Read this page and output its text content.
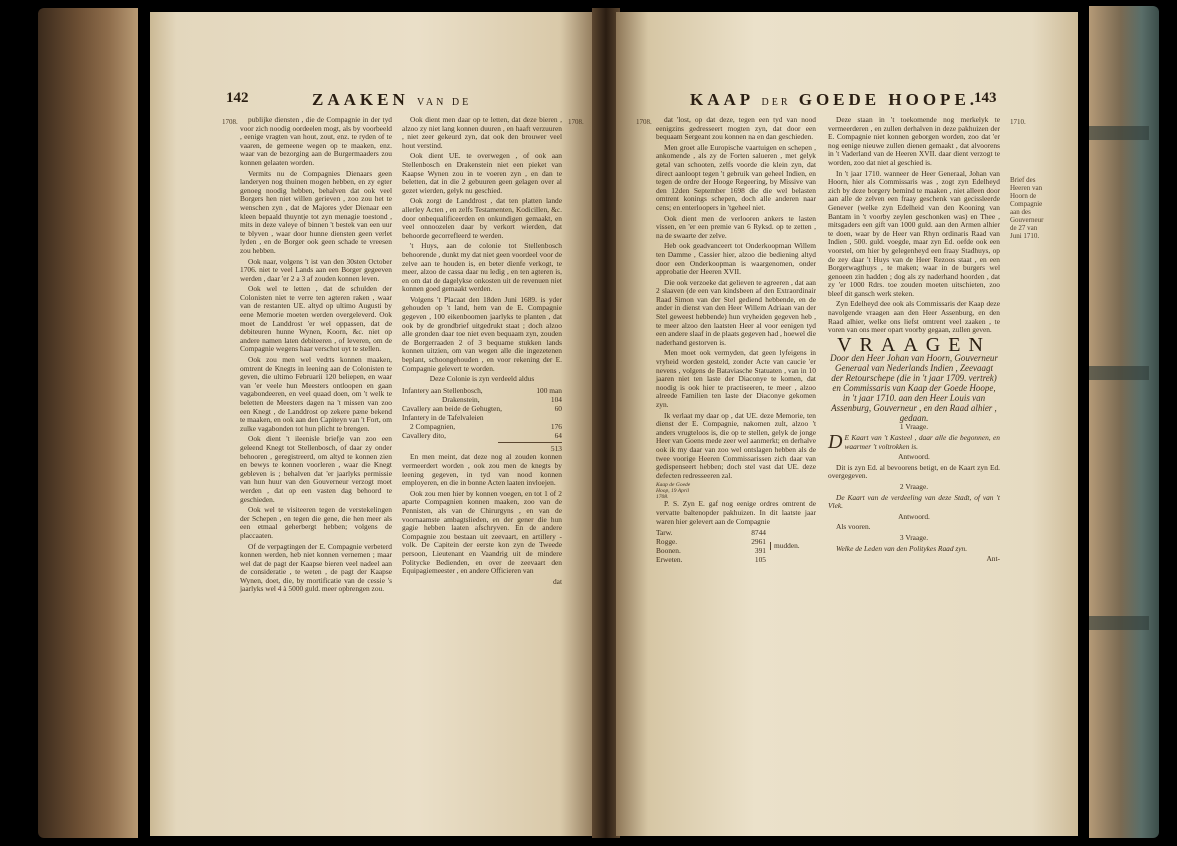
142	ZAAKEN VAN DE
1708.	1708.

publijke diensten , die de Compagnie in der tyd voor zich noodig oordeelen mogt, als by voorbeeld , eenige vragten van hout, zout, enz. te ryden of te vaaren, de gemeene wegen op te maaken, enz. waar van de bezorging aan de Burgermaaders zou konnen gelaaten worden.

Vermits nu de Compagnies Dienaars geen landeryen nog thuinen mogen hebben, en zy egter genoeg noodig hebben, behalven dat ook veel Borgers hen niet willen gerieven , zoo zou het te wenschen zyn , dat de Majores yder Dienaar een kleen bepaald thuyntje tot zyn menagie toestond , mits in deze valeye of binnen 't bestek van een uur te blyven , waar door hunne diensten geen verlet lyden , en de Borger ook geen schade te vreesen zou hebben.

Ook naar, volgens 't ist van den 30sten October 1706. niet te veel Lands aan een Borger gegeeven werden , daar 'er 2 a 3 af zouden konnen leven.

Ook wel te letten , dat de schulden der Colonisten niet te verre ten agteren raken , waar van de restanten UE. altyd op ultimo Augusti by eene Memorie moeten werden overgeleverd. Ook moet de Landdrost 'er wel oppassen, dat de debiteuren hunne Wynen, Koorn, &c. niet op andere namen laten debiteeren , of leveren, om de Compagnie wegens haar verschot uyt te stellen.

Ook zou men wel vedrts konnen maaken, omtrent de Knegts in leening aan de Colonisten te geven, die ultimo Februarii 120 beliepen, en waar van 'er veele hun Meesters ontloopen en gaan vagabondeeren, en veel quaad doen, om 't welk te beletten de Meesters dagen na 't missen van zoo een Knegt , de Landdrost op zekere pæne bekend te maaken, en ook aan den Capiteyn van 't Fort, om zulke vagabonden tot hun plicht te brengen.

Ook dient 't ileenisle briefje van zoo een geleend Knegt tot Stellenbosch, of daar zy onder behooren , geregistreerd, om altyd te konnen zien en bewys te konnen voorleren , waar die Knegt gebleven is ; behalven dat 'er jaarlyks permissie van hun huur van den Gouverneur verzogt moet werden , dat op een vasten dag behoord te geschieden.

Ook wel te visiteeren tegen de verstekelingen der Schepen , en tegen die gene, die hen meer als een etmaal geherbergt hebben; volgens de placcaaten.

Of de verpagtingen der E. Compagnie verbeterd konnen werden, heb niet konnen vernemen ; maar wel dat de pagt der Kaapse bieren veel nadeel aan de consideratie , te weten , de pagt der Kaapse Wynen, doet, die, by mortificatie van de cessie 's jaarlyks wel 4 à 5000 guld. meer opbrengen zou.

Ook dient men daar op te letten, dat deze bieren , alzoo zy niet lang konnen duuren , en haaft verzuuren , niet zeer gekeurd zyn, dat ook den brouwer veel hout verstind.

Ook dient UE. te overwegen , of ook aan Stellenbosch en Drakenstein niet een pieket van Kaapse Wynen zou in te voeren zyn , en dan te beletten, dat in die 2 gebuuren geen gelagen over al gezet wierden, gelyk nu geschied.

Ook zorgt de Landdrost , dat ten platten lande allerley Acten , en zelfs Testamenten, Kodicillen, &c. door onbequalificeerden en onkundigen gemaakt, en veel onnoozelen daar by verkort wierden, dat behoorde gecorrefleerd te werden.

't Huys, aan de colonie tot Stellenbosch behoorende , dunkt my dat niet geen voordeel voor de zelve aan te houden is, en beter dienfe verkogt, te meer, alzoo de cassa daar nu ledig , en ten agteren is, en om dat de dagelykse onkosten uit de revenuen niet konnen goed gemaakt werden.

Volgens 't Placaat den 18den Juni 1689. is yder gehouden op 't land, hem van de E. Compagnie gegeven , 100 eikenboomen jaarlyks te planten , dat ook by de grondbrief uitgedrukt staat ; doch alzoo alle gronden daar toe niet even bequaam zyn, zouden de Borgerraaden 2 of 3 bequame stukken lands konnen uitzien, om van wegen alle die ingezetenen beplant, schoongehouden , en voor rekening der E. Compagnie gelevert te worden.

Deze Colonie is zyn verdeeld aldus

Infantery aan Stellenbosch,	100 man
Drakenstein,	104
Cavallery aan beide de Gehugten,	60
Infantery in de Tafelvaleien	
2 Compagnien,	176
Cavallery dito,	64
513

En men meint, dat deze nog al zouden konnen vermeerdert worden , ook zou men de knegts by leening gegeven, in tyd van nood konnen employeren, en die in bonne Acten laaten invloejen.

Ook zou men hier by konnen voegen, en tot 1 of 2 aparte Compagnien konnen maaken, zoo van de Pennisten, als van de Chirurgyns , en van de voornaamste ambagtslieden, en der gener die hun gagie hebben laaten afschryven. En de andere Compagnie zou bestaan uit zeevaart, en artillery - volk. De Capitein der eerste kon zyn de Tweede persoon, Lieutenant en Vaandrig uit de mindere Politycke Bedienden, en over de zeevaart den Equipagiemeester , en andere Officieren van

dat
KAAP DER GOEDE HOOPE.
143
1708.	1710.
Brief des Heeren van Hoorn de Compagnie aan des Gouverneur de 27 van Juni 1710.

dat 'lost, op dat deze, tegen een tyd van nood eenigzins gedresseert mogten zyn, dat door een bequaam Sergeant zou konnen na en dan geschieden.

Men groet alle Europische vaartuigen en schepen , ankomende , als zy de Forten salueren , met gelyk getal van schooten, zelfs voorde die klein zyn, dat direct aanloopt tegen 't gebruik van geheel Indien, en tegen de ordre der Hooge Regeering, by Missive van den 12den September 1698 die die wel belasten omtrent konings schepen, doch alle anderen naar cens; en enterloopers in 'tgeheel niet.

Ook dient men de verlooren ankers te lasten vissen, en 'er een premie van 6 Ryksd. op te zetten , na de swaarte der zelve.

Heb ook geadvanceert tot Onderkoopman Willem ten Damme , Cassier hier, alzoo die bediening altyd door een Onderkoopman is waargenomen, onder approbatie der Heeren XVII.

Die ook verzoeke dat gelieven te agreeren , dat aan 2 slaaven (de een van kindsbeen af den Extraordinair Raad Simon van der Stel gediend hebbende, en de ander in dienst van den Heer Willem Adriaan van der Stel geweest hebbende) hun vryheiden gegeven heb , te meer alzoo den laatsten Heer al voor eenigen tyd een andere slaaf in de plaats gegeven had , hoewel die naderhand gestorven is.

Men moet ook vermyden, dat geen lyfeigens in vryheid worden gesteld, zonder Acte van caucie 'er nevens , volgens de Bataviasche Statuaten , van in 10 jaaren niet ten laste der Diaconye te komen, dat noodig is ook hier te practiseeren, te meer , alzoo alreede Familien ten laste der Diaconye gekomen zyn.

Ik verlaat my daar op , dat UE. deze Memorie, ten dienst der E. Compagnie, nakomen zult, alzoo 't anders vrugteloos is, die op te stellen, gelyk de jonge Heer van Goens mede zeer wel aanmerkt; en derhalve ook ik my daar van zoo wel ontslagen hebben als de twee voorige Heeren Commissarissen zich daar van gedispenseert hebben; doch stel vast dat UE. deze defecten redresseeren zal.

Kaap de Goede
Hoop, 19 April
1708.

P. S. Zyn E. gaf nog eenige ordres omtrent de vervatte baltenopder pakhuizen. In dit laatste jaar waren hier gelevert aan de Compagnie

Tarw.	8744
Rogge.	2961
Boonen.	391
Erweten.	105
mudden.

Deze staan in 't toekomende nog merkelyk te vermeerderen , en zullen derhalven in deze pakhuizen der E. Compagnie niet konnen geborgen worden, zoo dat 'er nog eenige nieuwe zullen dienen gemaakt , dat alvoorens in 't Vaderland van de Heeren XVII. daar dient verzogt te worden, zoo dat niet al geschied is.

In 't jaar 1710. wanneer de Heer Generaal, Johan van Hoorn, hier als Commissaris was , zogt zyn Edelheyd zich by deze borgery bemind te maaken , niet alleen door aan alle de zelven een fraay geschenk van gecissleerde Genever (welke zyn Edelheid van den Kooning van Bantam in 't voorby zeylen geschonken was) en Thee , mitsgaders een gift van 1000 guld. aan den Armen alhier te doen, waar by de Heer van Rhyn ordinaris Raad van Indien , 500. guld. voegde, maar zyn Ed. oefde ook een voorstel, om hier by gelegenheyd een fraay Stadhuys, op de zey daar 't Huys van de Heer Rezoos staat , en een Borgerwagthuys , te maken; waar in de burgers wel genoeen zin hadden ; dog als zy naderhand hoorden , dat zy 'er 1000 Rdrs. toe zouden moeten uitschieten, zoo bleef dit gansch werk steken.

Zyn Edelheyd dee ook als Commissaris der Kaap deze navolgende vraagen aan den Heer Assenburg, en den Raad alhier, welke ons liefst omtrent veel zaaken , te voren van ons meer opart voorby gegaan, zullen geven.

VRAAGEN
Door den Heer Johan van Hoorn, Gouverneur Generaal van Nederlands Indien , Zeevaagt der Retourschepe (die in 't jaar 1709. vertrek) en Commissaris van Kaap der Goede Hoope, in 't jaar 1710. aan den Heer Louis van Assenburg, Gouverneur , en den Raad alhier , gedaan.

1 Vraage.

D E Kaart van 't Kasteel , daar alle die begonnen, en waarmer 't voltrokken is.

Antwoord.

Dit is zyn Ed. al bevoorens betigt, en de Kaart zyn Ed. overgegeven.

2 Vraage.

De Kaart van de verdeeling van deze Stadt, of van 't Vlek.

Antwoord.

Als vooren.

3 Vraage.

Welke de Leden van den Politykes Raad zyn.

Ant-
